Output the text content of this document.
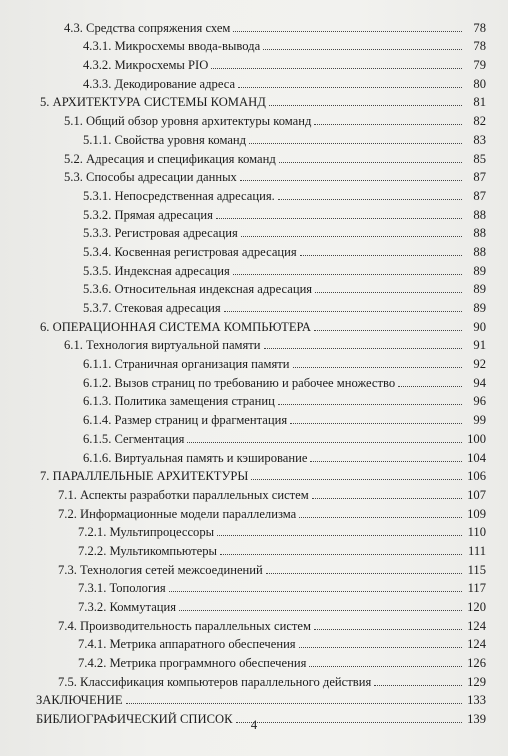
4.3. Средства сопряжения схем	78
4.3.1. Микросхемы ввода-вывода	78
4.3.2. Микросхемы PIO	79
4.3.3. Декодирование адреса	80
5. АРХИТЕКТУРА СИСТЕМЫ КОМАНД	81
5.1. Общий обзор уровня архитектуры команд	82
5.1.1. Свойства уровня команд	83
5.2. Адресация и спецификация команд	85
5.3. Способы адресации данных	87
5.3.1. Непосредственная адресация.	87
5.3.2. Прямая адресация	88
5.3.3. Регистровая адресация	88
5.3.4. Косвенная регистровая адресация	88
5.3.5. Индексная адресация	89
5.3.6. Относительная индексная адресация	89
5.3.7. Стековая адресация	89
6. ОПЕРАЦИОННАЯ СИСТЕМА КОМПЬЮТЕРА	90
6.1. Технология виртуальной памяти	91
6.1.1. Страничная организация памяти	92
6.1.2. Вызов страниц по требованию и рабочее множество	94
6.1.3. Политика замещения страниц	96
6.1.4. Размер страниц и фрагментация	99
6.1.5. Сегментация	100
6.1.6. Виртуальная память и кэширование	104
7. ПАРАЛЛЕЛЬНЫЕ АРХИТЕКТУРЫ	106
7.1. Аспекты разработки параллельных систем	107
7.2. Информационные модели параллелизма	109
7.2.1. Мультипроцессоры	110
7.2.2. Мультикомпьютеры	111
7.3. Технология сетей межсоединений	115
7.3.1. Топология	117
7.3.2. Коммутация	120
7.4. Производительность параллельных систем	124
7.4.1. Метрика аппаратного обеспечения	124
7.4.2. Метрика программного обеспечения	126
7.5. Классификация компьютеров параллельного действия	129
ЗАКЛЮЧЕНИЕ	133
БИБЛИОГРАФИЧЕСКИЙ СПИСОК	139
4
